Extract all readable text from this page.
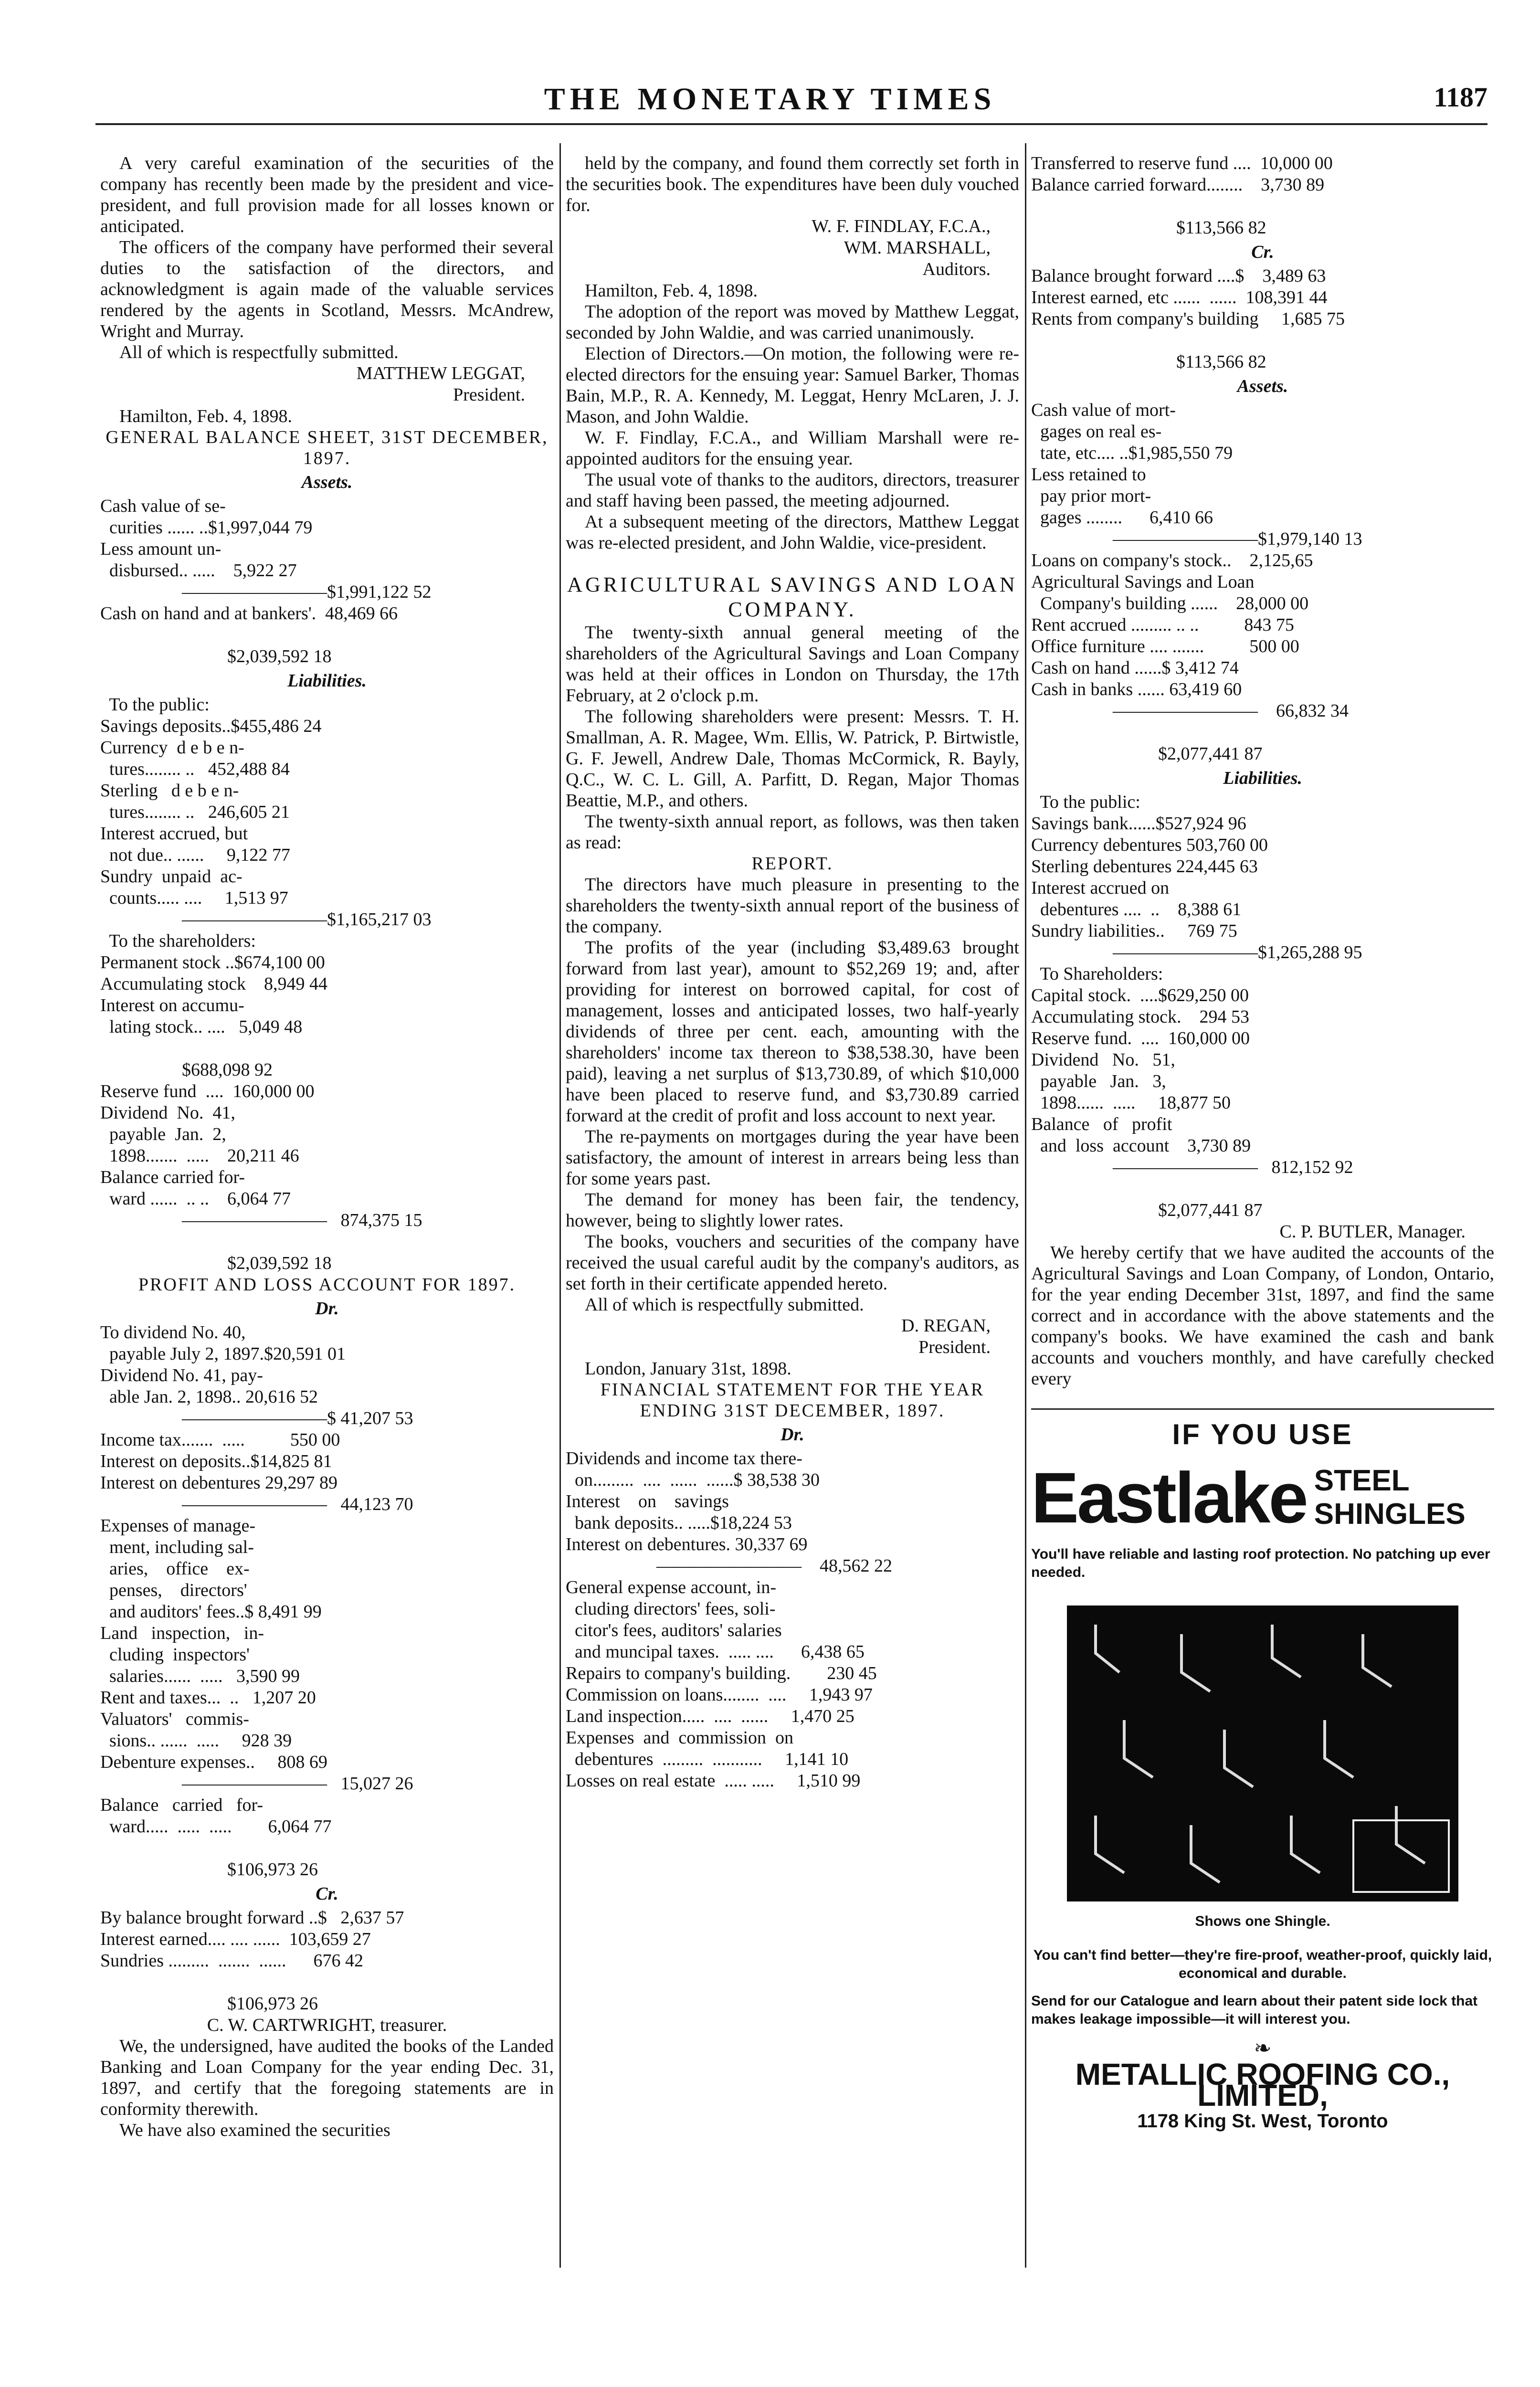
THE MONETARY TIMES	1187

A very careful examination of the securities of the company has recently been made by the president and vice-president, and full provision made for all losses known or anticipated.

The officers of the company have performed their several duties to the satisfaction of the directors, and acknowledgment is again made of the valuable services rendered by the agents in Scotland, Messrs. McAndrew, Wright and Murray.

All of which is respectfully submitted.

MATTHEW LEGGAT,
President.

Hamilton, Feb. 4, 1898.

GENERAL BALANCE SHEET, 31ST DECEMBER, 1897.
Assets.
Cash value of se-
curities ...... ..$1,997,044 79
Less amount un-
disbursed.. .....    5,922 27
————————$1,991,122 52
Cash on hand and at bankers'.  48,469 66

$2,039,592 18
Liabilities.
To the public:
Savings deposits..$455,486 24
Currency  d e b e n-
tures........ ..   452,488 84
Sterling   d e b e n-
tures........ ..   246,605 21
Interest accrued, but
not due.. ......     9,122 77
Sundry  unpaid  ac-
counts..... ....     1,513 97
————————$1,165,217 03
To the shareholders:
Permanent stock ..$674,100 00
Accumulating stock    8,949 44
Interest on accumu-
lating stock.. ....   5,049 48

$688,098 92
Reserve fund  ....  160,000 00
Dividend  No.  41,
payable  Jan.  2,
1898.......  .....    20,211 46
Balance carried for-
ward ......  .. ..    6,064 77
————————   874,375 15

$2,039,592 18
PROFIT AND LOSS ACCOUNT FOR 1897.
Dr.
To dividend No. 40,
payable July 2, 1897.$20,591 01
Dividend No. 41, pay-
able Jan. 2, 1898.. 20,616 52
————————$ 41,207 53
Income tax.......  .....          550 00
Interest on deposits..$14,825 81
Interest on debentures 29,297 89
————————   44,123 70
Expenses of manage-
ment, including sal-
aries,    office    ex-
penses,    directors'
and auditors' fees..$ 8,491 99
Land   inspection,   in-
cluding  inspectors'
salaries......  .....   3,590 99
Rent and taxes...  ..   1,207 20
Valuators'   commis-
sions.. ......  .....     928 39
Debenture expenses..     808 69
————————   15,027 26
Balance   carried   for-
ward.....  .....  .....        6,064 77

$106,973 26
Cr.
By balance brought forward ..$   2,637 57
Interest earned.... .... ......  103,659 27
Sundries .........  .......  ......      676 42

$106,973 26
C. W. CARTWRIGHT, treasurer.

We, the undersigned, have audited the books of the Landed Banking and Loan Company for the year ending Dec. 31, 1897, and certify that the foregoing statements are in conformity therewith.

We have also examined the securities

held by the company, and found them correctly set forth in the securities book. The expenditures have been duly vouched for.

W. F. FINDLAY, F.C.A.,
WM. MARSHALL,
Auditors.

Hamilton, Feb. 4, 1898.

The adoption of the report was moved by Matthew Leggat, seconded by John Waldie, and was carried unanimously.

Election of Directors.—On motion, the following were re-elected directors for the ensuing year: Samuel Barker, Thomas Bain, M.P., R. A. Kennedy, M. Leggat, Henry McLaren, J. J. Mason, and John Waldie.

W. F. Findlay, F.C.A., and William Marshall were re-appointed auditors for the ensuing year.

The usual vote of thanks to the auditors, directors, treasurer and staff having been passed, the meeting adjourned.

At a subsequent meeting of the directors, Matthew Leggat was re-elected president, and John Waldie, vice-president.

AGRICULTURAL SAVINGS AND LOAN COMPANY.

The twenty-sixth annual general meeting of the shareholders of the Agricultural Savings and Loan Company was held at their offices in London on Thursday, the 17th February, at 2 o'clock p.m.

The following shareholders were present: Messrs. T. H. Smallman, A. R. Magee, Wm. Ellis, W. Patrick, P. Birtwistle, G. F. Jewell, Andrew Dale, Thomas McCormick, R. Bayly, Q.C., W. C. L. Gill, A. Parfitt, D. Regan, Major Thomas Beattie, M.P., and others.

The twenty-sixth annual report, as follows, was then taken as read:

REPORT.

The directors have much pleasure in presenting to the shareholders the twenty-sixth annual report of the business of the company.

The profits of the year (including $3,489.63 brought forward from last year), amount to $52,269 19; and, after providing for interest on borrowed capital, for cost of management, losses and anticipated losses, two half-yearly dividends of three per cent. each, amounting with the shareholders' income tax thereon to $38,538.30, have been paid), leaving a net surplus of $13,730.89, of which $10,000 have been placed to reserve fund, and $3,730.89 carried forward at the credit of profit and loss account to next year.

The re-payments on mortgages during the year have been satisfactory, the amount of interest in arrears being less than for some years past.

The demand for money has been fair, the tendency, however, being to slightly lower rates.

The books, vouchers and securities of the company have received the usual careful audit by the company's auditors, as set forth in their certificate appended hereto.

All of which is respectfully submitted.

D. REGAN,
President.

London, January 31st, 1898.

FINANCIAL STATEMENT FOR THE YEAR ENDING 31ST DECEMBER, 1897.
Dr.
Dividends and income tax there-
on.........  ....  ......  ......$ 38,538 30
Interest    on    savings
bank deposits.. .....$18,224 53
Interest on debentures. 30,337 69
————————    48,562 22
General expense account, in-
cluding directors' fees, soli-
citor's fees, auditors' salaries
and muncipal taxes.  ..... ....      6,438 65
Repairs to company's building.        230 45
Commission on loans........  ....     1,943 97
Land inspection.....  ....  ......     1,470 25
Expenses  and  commission  on
debentures  .........  ...........     1,141 10
Losses on real estate  ..... .....     1,510 99
Transferred to reserve fund ....  10,000 00
Balance carried forward........    3,730 89

$113,566 82
Cr.
Balance brought forward ....$    3,489 63
Interest earned, etc ......  ......  108,391 44
Rents from company's building     1,685 75

$113,566 82
Assets.
Cash value of mort-
gages on real es-
tate, etc.... ..$1,985,550 79
Less retained to
pay prior mort-
gages ........      6,410 66
————————$1,979,140 13
Loans on company's stock..    2,125,65
Agricultural Savings and Loan
Company's building ......    28,000 00
Rent accrued ......... .. ..          843 75
Office furniture .... .......          500 00
Cash on hand ......$ 3,412 74
Cash in banks ...... 63,419 60
————————    66,832 34

$2,077,441 87
Liabilities.
To the public:
Savings bank......$527,924 96
Currency debentures 503,760 00
Sterling debentures 224,445 63
Interest accrued on
debentures ....  ..    8,388 61
Sundry liabilities..     769 75
————————$1,265,288 95
To Shareholders:
Capital stock.  ....$629,250 00
Accumulating stock.    294 53
Reserve fund.  ....  160,000 00
Dividend   No.   51,
payable   Jan.   3,
1898......  .....     18,877 50
Balance   of   profit
and  loss  account    3,730 89
————————   812,152 92

$2,077,441 87
C. P. BUTLER, Manager.

We hereby certify that we have audited the accounts of the Agricultural Savings and Loan Company, of London, Ontario, for the year ending December 31st, 1897, and find the same correct and in accordance with the above statements and the company's books. We have examined the cash and bank accounts and vouchers monthly, and have carefully checked every

IF YOU USE
Eastlake STEEL
SHINGLES
You'll have reliable and lasting roof protection. No patching up ever needed.
Shows one Shingle.
You can't find better—they're fire-proof, weather-proof, quickly laid, economical and durable.
Send for our Catalogue and learn about their patent side lock that makes leakage impossible—it will interest you.
❧
METALLIC ROOFING CO., LIMITED,
1178 King St. West, Toronto
